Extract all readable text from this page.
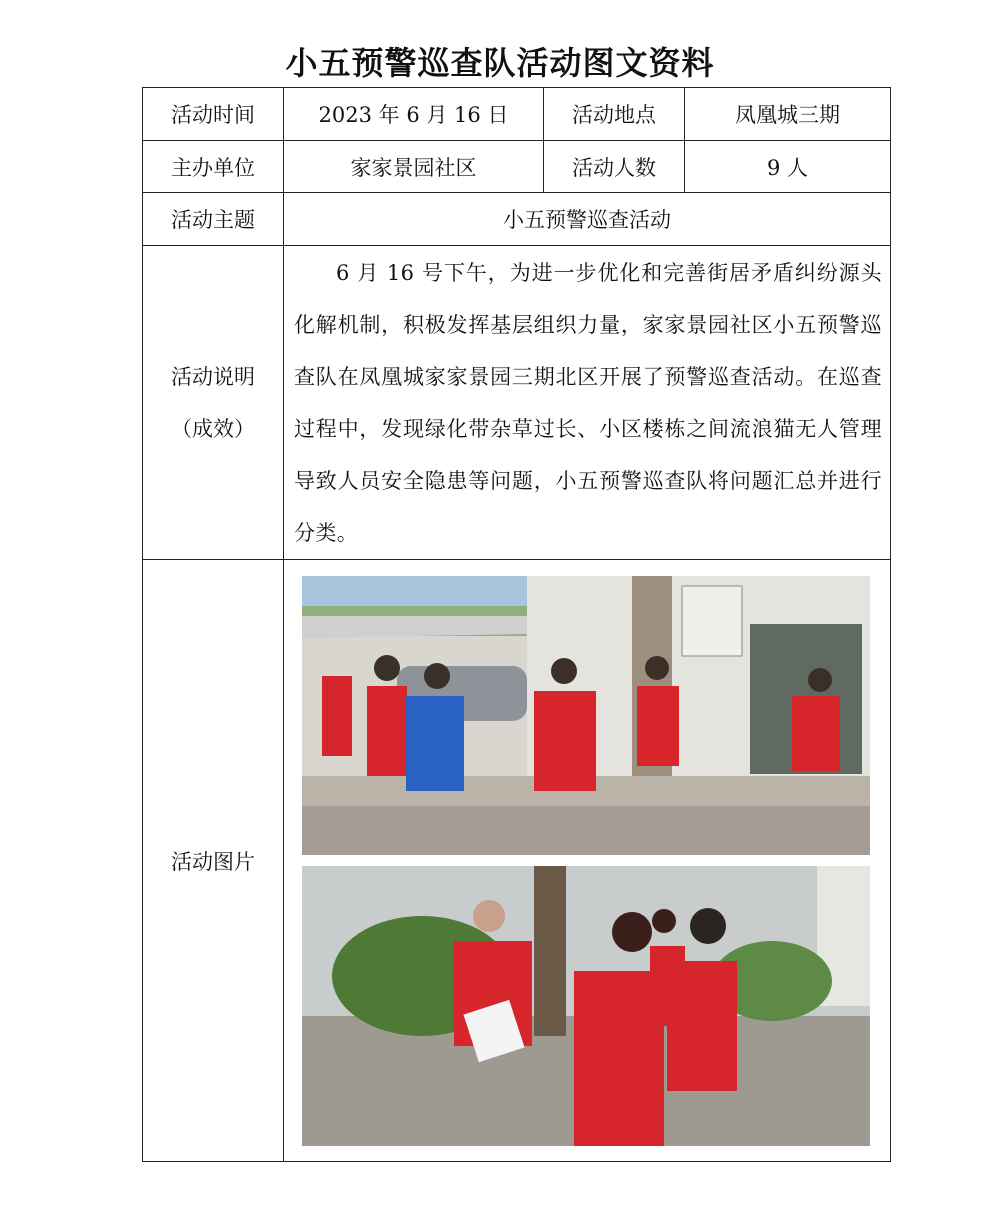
小五预警巡查队活动图文资料
活动时间	2023 年 6 月 16 日	活动地点	凤凰城三期
主办单位	家家景园社区	活动人数	9 人
活动主题	小五预警巡查活动		

活动说明
（成效）	6 月 16 号下午，为进一步优化和完善街居矛盾纠纷源头化解机制，积极发挥基层组织力量，家家景园社区小五预警巡查队在凤凰城家家景园三期北区开展了预警巡查活动。在巡查过程中，发现绿化带杂草过长、小区楼栋之间流浪猫无人管理导致人员安全隐患等问题，小五预警巡查队将问题汇总并进行分类。		
活动图片	
